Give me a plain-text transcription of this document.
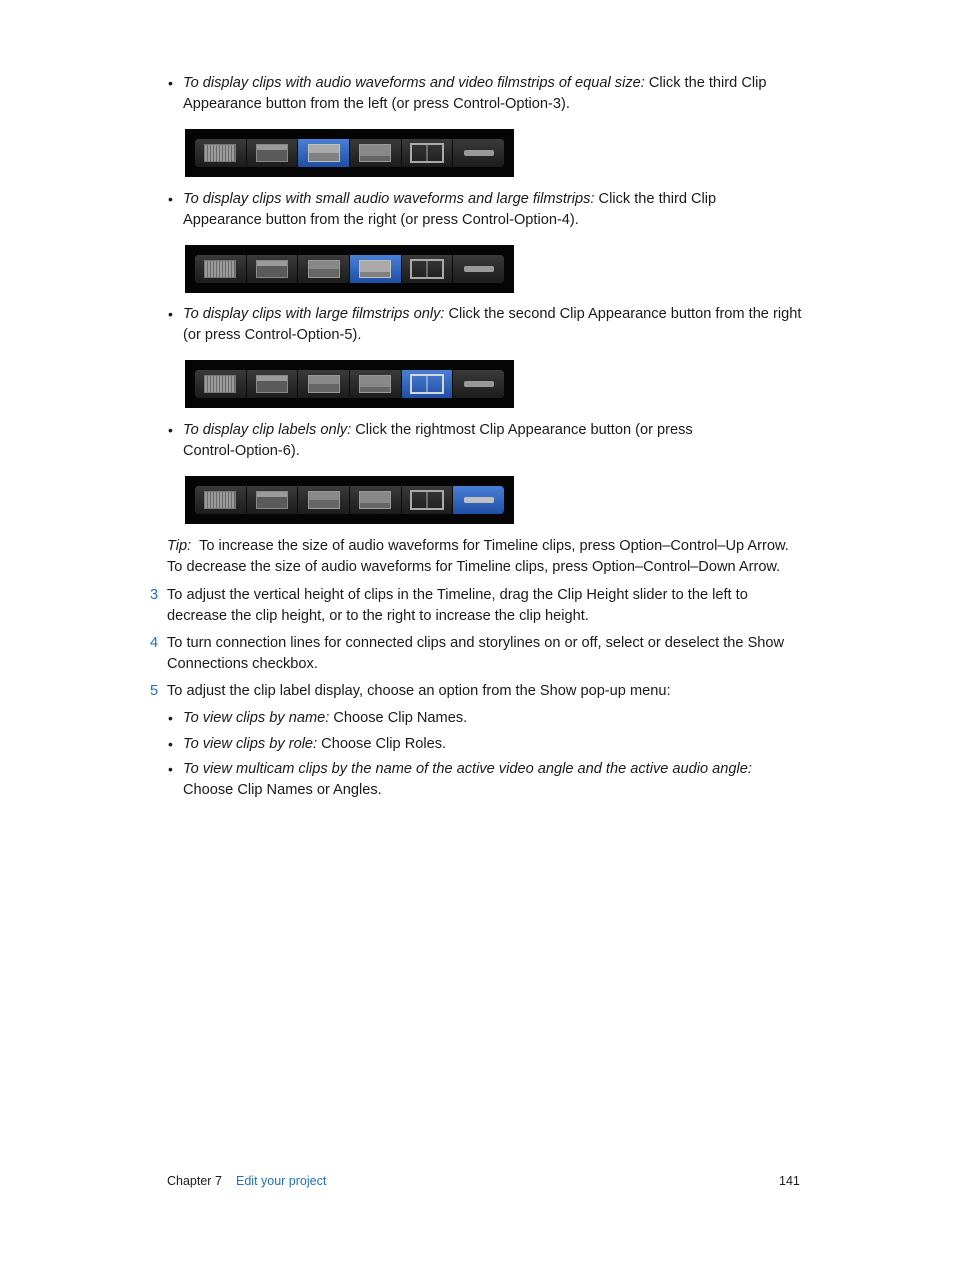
• To display clips with audio waveforms and video filmstrips of equal size: Click the third Clip Appearance button from the left (or press Control-Option-3).
• To display clips with small audio waveforms and large filmstrips: Click the third Clip Appearance button from the right (or press Control-Option-4).
• To display clips with large filmstrips only: Click the second Clip Appearance button from the right (or press Control-Option-5).
• To display clip labels only: Click the rightmost Clip Appearance button (or press Control-Option-6).
Tip: To increase the size of audio waveforms for Timeline clips, press Option–Control–Up Arrow. To decrease the size of audio waveforms for Timeline clips, press Option–Control–Down Arrow.
3 To adjust the vertical height of clips in the Timeline, drag the Clip Height slider to the left to decrease the clip height, or to the right to increase the clip height.
4 To turn connection lines for connected clips and storylines on or off, select or deselect the Show Connections checkbox.
5 To adjust the clip label display, choose an option from the Show pop-up menu:
• To view clips by name: Choose Clip Names.
• To view clips by role: Choose Clip Roles.
• To view multicam clips by the name of the active video angle and the active audio angle: Choose Clip Names or Angles.
Chapter 7 Edit your project	141
